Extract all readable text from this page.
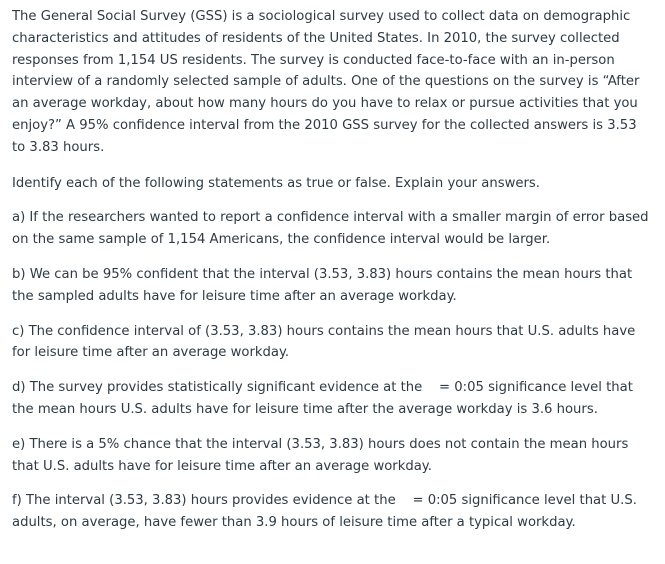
The General Social Survey (GSS) is a sociological survey used to collect data on demographic characteristics and attitudes of residents of the United States. In 2010, the survey collected responses from 1,154 US residents. The survey is conducted face-to-face with an in-person interview of a randomly selected sample of adults. One of the questions on the survey is “After an average workday, about how many hours do you have to relax or pursue activities that you enjoy?” A 95% confidence interval from the 2010 GSS survey for the collected answers is 3.53 to 3.83 hours.

Identify each of the following statements as true or false. Explain your answers.

a) If the researchers wanted to report a confidence interval with a smaller margin of error based on the same sample of 1,154 Americans, the confidence interval would be larger.

b) We can be 95% confident that the interval (3.53, 3.83) hours contains the mean hours that the sampled adults have for leisure time after an average workday.

c) The confidence interval of (3.53, 3.83) hours contains the mean hours that U.S. adults have for leisure time after an average workday.

d) The survey provides statistically significant evidence at the    = 0:05 significance level that the mean hours U.S. adults have for leisure time after the average workday is 3.6 hours.

e) There is a 5% chance that the interval (3.53, 3.83) hours does not contain the mean hours that U.S. adults have for leisure time after an average workday.

f) The interval (3.53, 3.83) hours provides evidence at the    = 0:05 significance level that U.S. adults, on average, have fewer than 3.9 hours of leisure time after a typical workday.
